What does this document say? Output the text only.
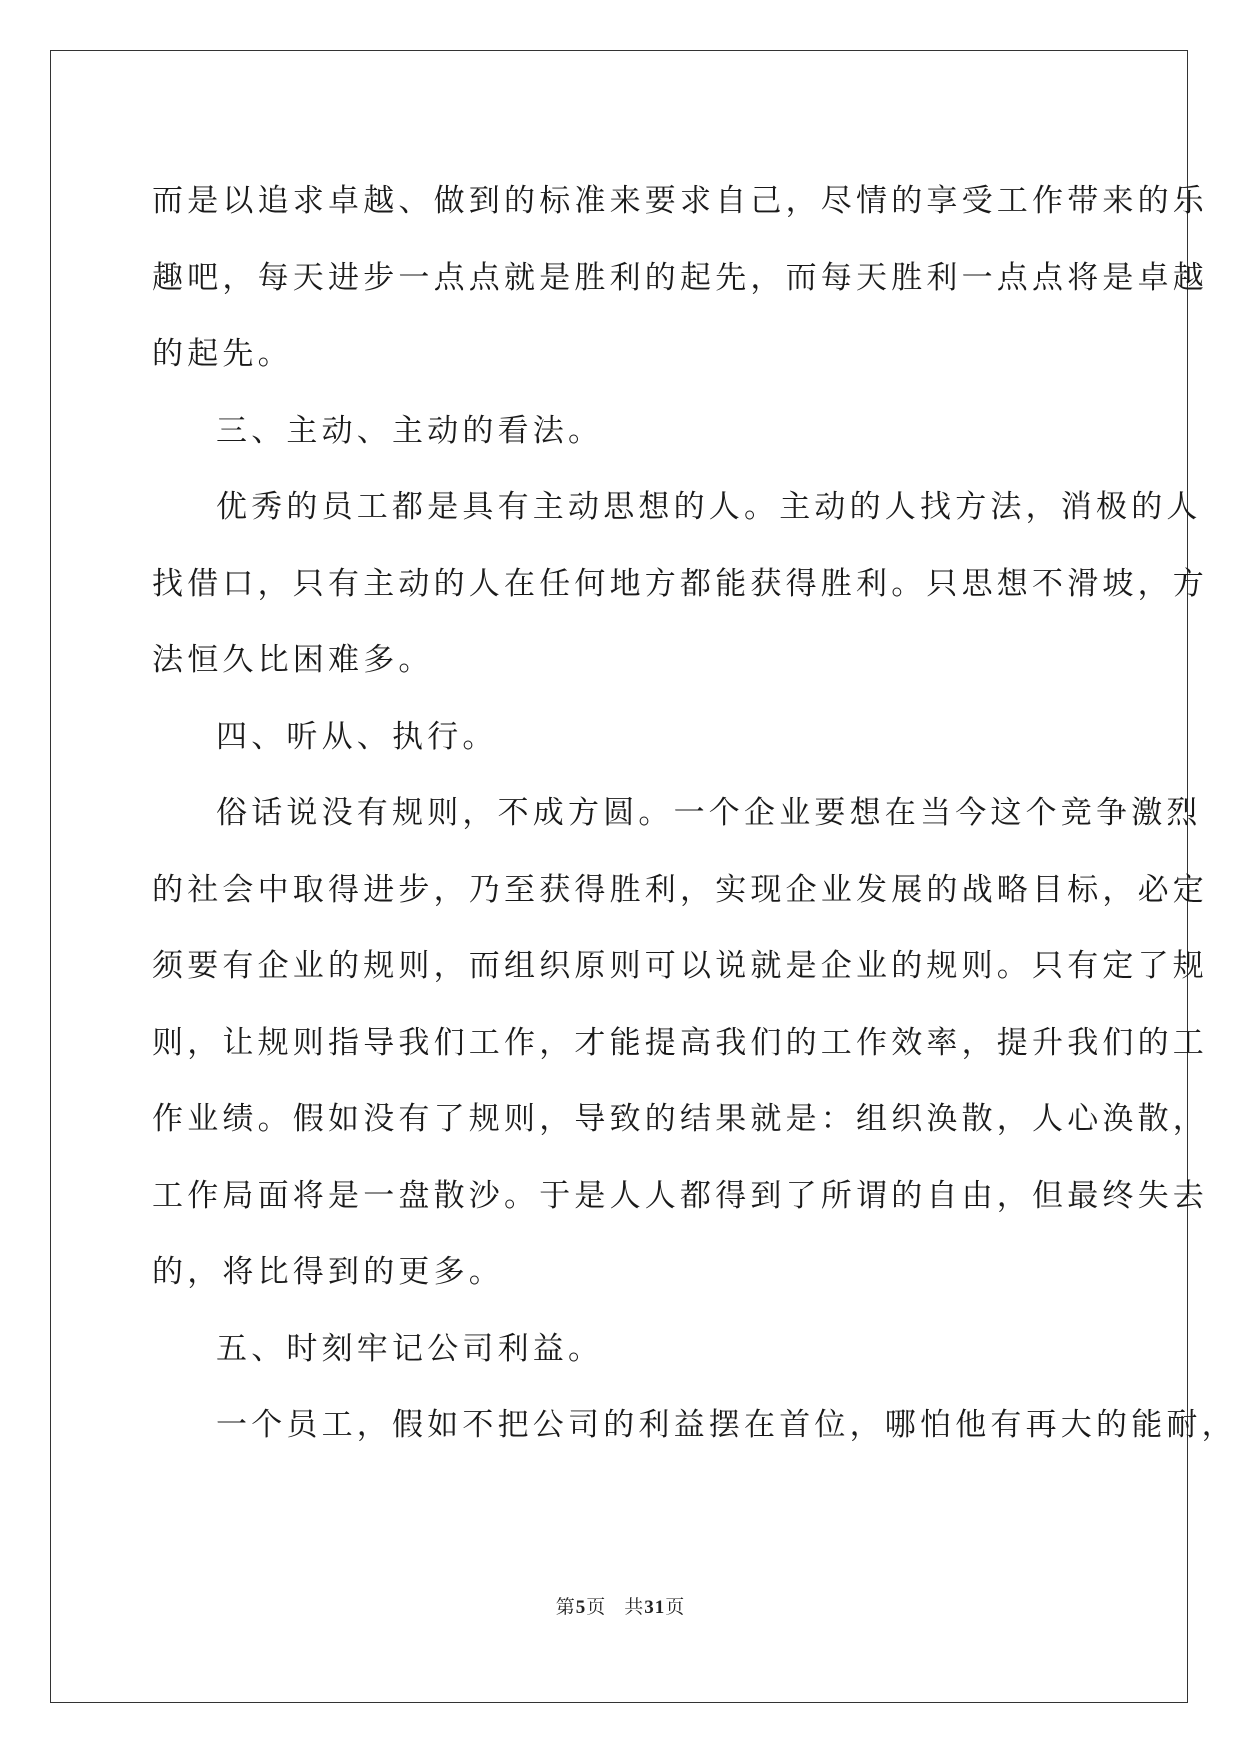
而是以追求卓越、做到的标准来要求自己，尽情的享受工作带来的乐
趣吧，每天进步一点点就是胜利的起先，而每天胜利一点点将是卓越
的起先。
三、主动、主动的看法。
优秀的员工都是具有主动思想的人。主动的人找方法，消极的人
找借口，只有主动的人在任何地方都能获得胜利。只思想不滑坡，方
法恒久比困难多。
四、听从、执行。
俗话说没有规则，不成方圆。一个企业要想在当今这个竞争激烈
的社会中取得进步，乃至获得胜利，实现企业发展的战略目标，必定
须要有企业的规则，而组织原则可以说就是企业的规则。只有定了规
则，让规则指导我们工作，才能提高我们的工作效率，提升我们的工
作业绩。假如没有了规则，导致的结果就是：组织涣散，人心涣散，
工作局面将是一盘散沙。于是人人都得到了所谓的自由，但最终失去
的，将比得到的更多。
五、时刻牢记公司利益。
一个员工，假如不把公司的利益摆在首位，哪怕他有再大的能耐，
第5页 共31页
